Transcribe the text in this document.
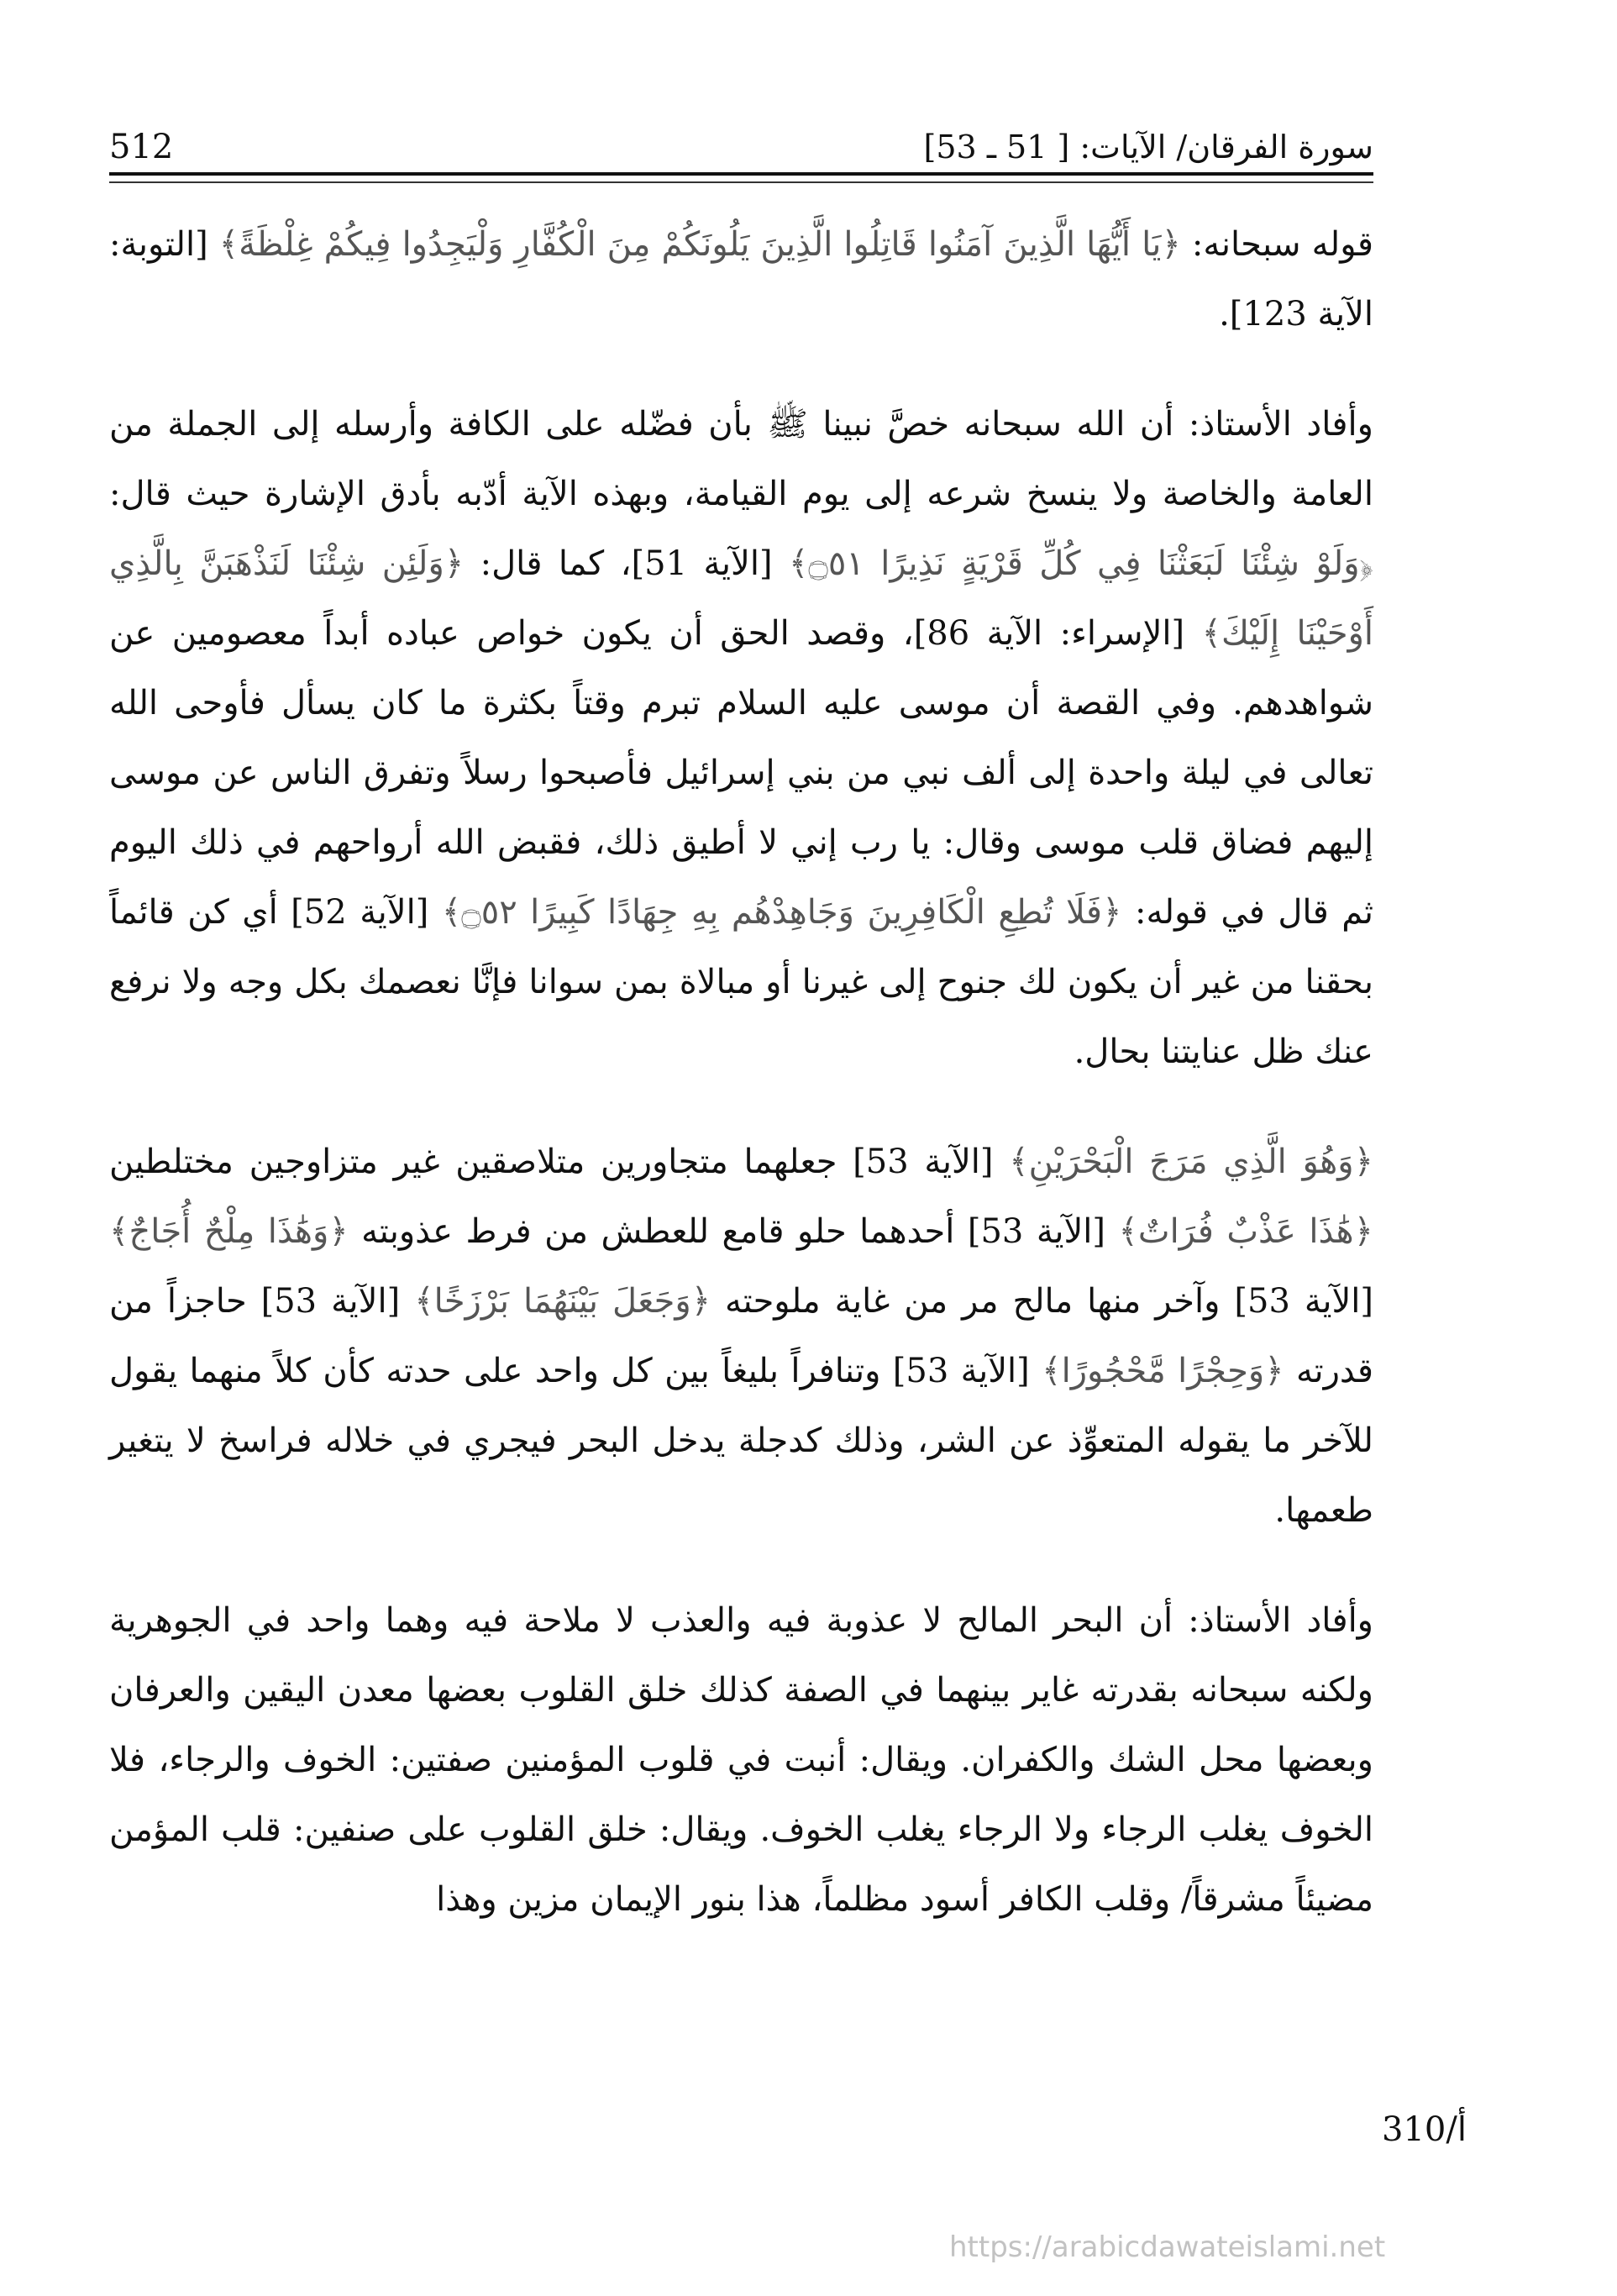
512	سورة الفرقان/ الآيات: [ 51 ـ 53]

قوله سبحانه: ﴿يَا أَيُّهَا الَّذِينَ آمَنُوا قَاتِلُوا الَّذِينَ يَلُونَكُمْ مِنَ الْكُفَّارِ وَلْيَجِدُوا فِيكُمْ غِلْظَةً﴾ [التوبة: الآية 123].

وأفاد الأستاذ: أن الله سبحانه خصَّ نبينا ﷺ بأن فضّله على الكافة وأرسله إلى الجملة من العامة والخاصة ولا ينسخ شرعه إلى يوم القيامة، وبهذه الآية أدّبه بأدق الإشارة حيث قال: ﴿وَلَوْ شِئْنَا لَبَعَثْنَا فِي كُلِّ قَرْيَةٍ نَذِيرًا ۝٥١﴾ [الآية 51]، كما قال: ﴿وَلَئِن شِئْنَا لَنَذْهَبَنَّ بِالَّذِي أَوْحَيْنَا إِلَيْكَ﴾ [الإسراء: الآية 86]، وقصد الحق أن يكون خواص عباده أبداً معصومين عن شواهدهم. وفي القصة أن موسى عليه السلام تبرم وقتاً بكثرة ما كان يسأل فأوحى الله تعالى في ليلة واحدة إلى ألف نبي من بني إسرائيل فأصبحوا رسلاً وتفرق الناس عن موسى إليهم فضاق قلب موسى وقال: يا رب إني لا أطيق ذلك، فقبض الله أرواحهم في ذلك اليوم ثم قال في قوله: ﴿فَلَا تُطِعِ الْكَافِرِينَ وَجَاهِدْهُم بِهِ جِهَادًا كَبِيرًا ۝٥٢﴾ [الآية 52] أي كن قائماً بحقنا من غير أن يكون لك جنوح إلى غيرنا أو مبالاة بمن سوانا فإنَّا نعصمك بكل وجه ولا نرفع عنك ظل عنايتنا بحال.

﴿وَهُوَ الَّذِي مَرَجَ الْبَحْرَيْنِ﴾ [الآية 53] جعلهما متجاورين متلاصقين غير متزاوجين مختلطين ﴿هَٰذَا عَذْبٌ فُرَاتٌ﴾ [الآية 53] أحدهما حلو قامع للعطش من فرط عذوبته ﴿وَهَٰذَا مِلْحٌ أُجَاجٌ﴾ [الآية 53] وآخر منها مالح مر من غاية ملوحته ﴿وَجَعَلَ بَيْنَهُمَا بَرْزَخًا﴾ [الآية 53] حاجزاً من قدرته ﴿وَحِجْرًا مَّحْجُورًا﴾ [الآية 53] وتنافراً بليغاً بين كل واحد على حدته كأن كلاً منهما يقول للآخر ما يقوله المتعوِّذ عن الشر، وذلك كدجلة يدخل البحر فيجري في خلاله فراسخ لا يتغير طعمها.

وأفاد الأستاذ: أن البحر المالح لا عذوبة فيه والعذب لا ملاحة فيه وهما واحد في الجوهرية ولكنه سبحانه بقدرته غاير بينهما في الصفة كذلك خلق القلوب بعضها معدن اليقين والعرفان وبعضها محل الشك والكفران. ويقال: أنبت في قلوب المؤمنين صفتين: الخوف والرجاء، فلا الخوف يغلب الرجاء ولا الرجاء يغلب الخوف. ويقال: خلق القلوب على صنفين: قلب المؤمن مضيئاً مشرقاً/ وقلب الكافر أسود مظلماً، هذا بنور الإيمان مزين وهذا

310/أ
https://arabicdawateislami.net
